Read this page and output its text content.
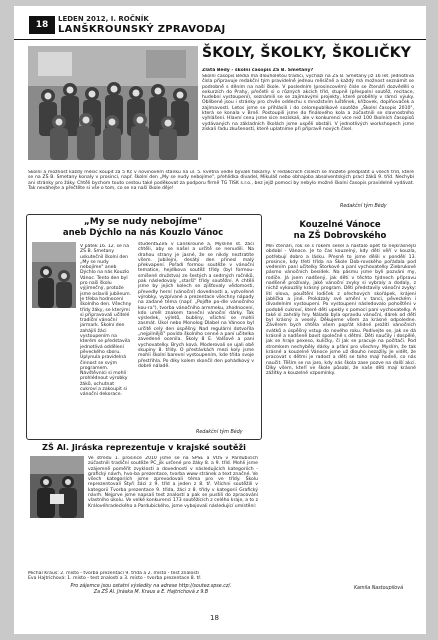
18
LEDEN 2012, I. ROČNÍK
LANŠKROUNSKÝ ZPRAVODAJ
ŠKOLY, ŠKOLKY, ŠKOLIČKY
Zlatá Bédy - školní časopis ZŠ B. Smetany?
Školní časopis Bédia má dlouholetou tradici, vychází na ZŠ B. Smetany již 16 let. Jednotlivá čísla připravuje redakční tým pravidelně jednou měsíčně a každý má možnost seznámit se podrobně s děním na naší škole. V posledním (prosincovém) čísle se čtenáři dozvěděli o exkurzích do Prahy, přečetli si o různých akcích tříd, stupně (přespolní soutěž, recitace, hudební vystoupení), seznámili se se zajímavými projekty, které proběhly v rámci výuky. Oblíbené jsou i stránky pro chvíle oddechu s množstvím luštěnek, křížovek, doplňovaček a zajímavostí. Letos jsme se přihlásili i do celorepublikové soutěže „Školní časopis 2010", která se konala v Brně. Postoupili jsme do finálového kola a zúčastnili se slavnostního vyhlášení. Hlavní cenu jsme sice nezískali, ale v konkurenci více než 100 školních časopisů vydávaných na základních školách jsme uspěli obstáli. V jednotlivých workshopech jsme získali řadu zkušeností, které uplatníme při přípravě nových čísel.
Školní a možnost každý měsíc koupit za 5 Kč v novinovém stánku na ul. 5. května vedle bývalé tiskárny. V redakčních číslech se můžete předplatit u všech tříd, které se na ZŠ B. Smetany konaly v prosinci, např. školní den „My se nudy nebojíme", přehlídka divadel, Mikuláš nebo obhajoba absolventských prací žáků 9. tříd. Nechybí ani stránky pro žáky. Chtěli bychom touto cestou také poděkovat za podporu firmě TG TISK s.r.o., bez jejíž pomoci by nebylo možné školní časopis pravidelně vydávat. Tak neváhejte a přečtěte si vše o tom, co se na naší škole děje!
Redakční tým Bédy
„My se nudy nebojíme"
aneb Dýchlo na nás Kouzlo Vánoc
V pátek 16. 12. se na ZŠ B. Smetany uskutečnil školní den „My se nudy nebojíme" aneb Dýchlo na nás Kouzlo Vánoc. Tento den byl pro naši školu výjimečný, protože jsme oslavili jubileum. Je třeba hodnocení školního den. Všechny třídy žáky, se kterými si připravovali učitelé tradiční vánoční jarmark. Školní den zahájili žáci vystoupením na kterém se představila jednotlivá oddělení pěveckého sboru. Uplynula pravidelná činnost se svým programem. Návštěvníci si mohli prohlédnout výrobky žáků, ochutnat cukroví a zakoupit si vánoční dekorace.
studentSZeS v Lanškrouně a, Mysliňe st. žáci chtěli, aby se našel a určitě se nenudili. Na drahou strany je jasné, že se nikdy neztratíte všem. Jubilejní, desátý den přinesl malý překvapení. Pořadí formou soutěže v vánoční tematice, hejdíkova soutěž třídy (byl formou-smíšené družstva) ze šestých a sedmých ročníků, pak následovaly „starší" třídy soutěžní. A chtěli jsme by jejich kolech se zjišťovaly vědomosti, převedly herní (vánoční) dovednosti a, vytvořené výrobky, vyzpívané a prezentace všechny nápady na zadané téma (např. „Pojďte po-dle vánočního kou-ra"), tvorba vánočního armmeku, zhodnocení, kdo uměl znakem taneční vánoční dárky. Tak výsledek, výletů, bubliny, všichni se mohli zasmát. Úkol nebo Monolog Dlabel na Vánoce byl určitě celý den úspěšný. Nad regulární dotvořila „nejpilnější" povída školního cenné a paní učitelka zavedené ocenila. Školy 8 E. Valšové a paní vychovatelky. Brych ková. Moderovali se ujali obě skupiny 8. třídy. O přestávkách mezi koly jsme mohli školní barevní vystoupením, kde třída svoje přestřihla. Po díky kolem skončil den pohádkový v dobré náladě.
Redakční tým Bédy
ZŠ Al. Jiráska reprezentuje v krajské soutěži
Ve středu 1. prosince 2010 jsme se na SPŠE a VOŠ v Pardubicích zúčastnili tradiční soutěže PC_jik určené pro žáky 8. a 9. tříd. Mohli jsme vzájemně poměřit zvyklostí a dovednosti v následujících kategoriích - grafický návrh, hvo-ba prezentace, tvorba www stránek a text značné. Ve všech kategoriích jsme zprevodovali téma pro ve třídy. Školu reprezentovali Štyři žáci z 9. tříd a jeden z 8. tř. Všichni soutěžili v kategorii Tvorba prezentace 9. třída, žáci z 8. třídy v kategorii Grafický návrh. Nejprve jsme napsali test znalostí a pak se pustili do zpracování vlastního úkolu. Ve velké konkurenci 173 soutěžících z celého kraje, a to z Královéhradeckého a Pardubického, jsme vybojovali následující umístění:
Michal Kraus: 2. místo - tvorba prezentací 9. třída a 2. místo - test znalostí
Eva Hajtrichová: 1. místo - test znalostí a 3. místo - tvorba prezentace 8. tř.
Pro zájemce jsou ostatní výsledky na adrese http://soutez.spse.cz/.
Za ZŠ Al. Jiráska M. Kraus a E. Hajtrichová z 9.B
18
Kouzelné Vánoce
na ZŠ Dobrovského
Mili čtenáři, rok se s rokem sešel a nastalo opět to nejkrásnější období - Vánoce. Je to čas kouzelný, kdy děti věří v kouzla, potřebují dobro a lásku. Přesně to jsme dělili v pondělí 13. prosince, kdy třetí třída na Škole Dob-rovského pořádala pod vedením paní učitelky Štorkové a paní vychovatelky Ziebrukové pásmo vánočních besídek. Na pásmu jsme byli pozváni my, rodiče. Já jsem nadšený, jak děti v těchto týdnech přípravu nadšeně prožívaly, jaké vánoční zvyky si vybraly a dodaly, z nichž vykouzlily krásný program. Děti představily vánoční zvyky: lití olova, pouštění lodiček z ořechových skořápek, krájení jablíčka a jiné. Prokázaly své umění v tanci, pěveckém i divadelním vystoupení. Po vystoupení následovalo pohoštění v podobě cukroví, které děti upekly s pomocí paní vychovatelky. A také si zahrály hry. Nálada byla opravdu vánoční, dárek od dětí byl krásný a veselý. Děkujeme všem za krásné odpoledne. Závěrem bych chtěla všem popřát klidné prožití vánočních svátků a úspěšný vstup do nového roku. Podívejte se, jak se dá krásně a nadšeně bavit společně s dětmi. Děti naučily i dospělé, jak se hraje pexeso, kuličky, či jak se pracuje na počítači. Pod stromkem nechyběly dárky a přání pro všechny. Myslím, že tak krásné a kouzelné Vánoce jsme už dlouho nezažily. Je vidět, že pracovat s dětmi je radost a děti se toho mají hodně, co nás naučit. Těším se na jaro, kdy nás škola zase pozve na další akci. Díky všem, kteří ve škole působí, že naše děti mají krásné zážitky a kouzelné vzpomínky.
Kamila Nastoupilová
